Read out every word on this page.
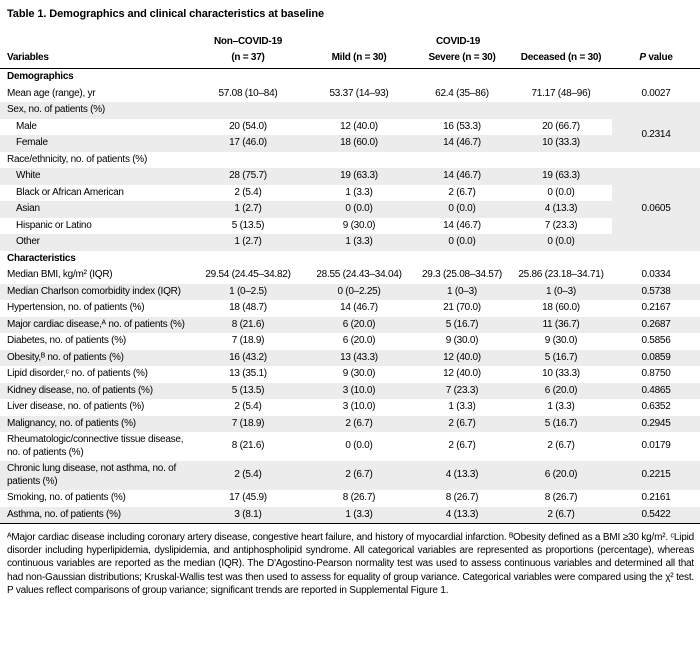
Table 1. Demographics and clinical characteristics at baseline
	Non–COVID-19	COVID-19			
Variables	(n = 37)	Mild (n = 30)	Severe (n = 30)	Deceased (n = 30)	P value
Demographics					
Mean age (range), yr	57.08 (10–84)	53.37 (14–93)	62.4 (35–86)	71.17 (48–96)	0.0027
Sex, no. of patients (%)					
Male	20 (54.0)	12 (40.0)	16 (53.3)	20 (66.7)	0.2314
Female	17 (46.0)	18 (60.0)	14 (46.7)	10 (33.3)	
Race/ethnicity, no. of patients (%)					
White	28 (75.7)	19 (63.3)	14 (46.7)	19 (63.3)	0.0605
Black or African American	2 (5.4)	1 (3.3)	2 (6.7)	0 (0.0)	
Asian	1 (2.7)	0 (0.0)	0 (0.0)	4 (13.3)	
Hispanic or Latino	5 (13.5)	9 (30.0)	14 (46.7)	7 (23.3)	
Other	1 (2.7)	1 (3.3)	0 (0.0)	0 (0.0)	
Characteristics					
Median BMI, kg/m² (IQR)	29.54 (24.45–34.82)	28.55 (24.43–34.04)	29.3 (25.08–34.57)	25.86 (23.18–34.71)	0.0334
Median Charlson comorbidity index (IQR)	1 (0–2.5)	0 (0–2.25)	1 (0–3)	1 (0–3)	0.5738
Hypertension, no. of patients (%)	18 (48.7)	14 (46.7)	21 (70.0)	18 (60.0)	0.2167
Major cardiac disease,ᴬ no. of patients (%)	8 (21.6)	6 (20.0)	5 (16.7)	11 (36.7)	0.2687
Diabetes, no. of patients (%)	7 (18.9)	6 (20.0)	9 (30.0)	9 (30.0)	0.5856
Obesity,ᴮ no. of patients (%)	16 (43.2)	13 (43.3)	12 (40.0)	5 (16.7)	0.0859
Lipid disorder,ᶜ no. of patients (%)	13 (35.1)	9 (30.0)	12 (40.0)	10 (33.3)	0.8750
Kidney disease, no. of patients (%)	5 (13.5)	3 (10.0)	7 (23.3)	6 (20.0)	0.4865
Liver disease, no. of patients (%)	2 (5.4)	3 (10.0)	1 (3.3)	1 (3.3)	0.6352
Malignancy, no. of patients (%)	7 (18.9)	2 (6.7)	2 (6.7)	5 (16.7)	0.2945
Rheumatologic/connective tissue disease, no. of patients (%)	8 (21.6)	0 (0.0)	2 (6.7)	2 (6.7)	0.0179
Chronic lung disease, not asthma, no. of patients (%)	2 (5.4)	2 (6.7)	4 (13.3)	6 (20.0)	0.2215
Smoking, no. of patients (%)	17 (45.9)	8 (26.7)	8 (26.7)	8 (26.7)	0.2161
Asthma, no. of patients (%)	3 (8.1)	1 (3.3)	4 (13.3)	2 (6.7)	0.5422

ᴬMajor cardiac disease including coronary artery disease, congestive heart failure, and history of myocardial infarction. ᴮObesity defined as a BMI ≥30 kg/m². ᶜLipid disorder including hyperlipidemia, dyslipidemia, and antiphospholipid syndrome. All categorical variables are represented as proportions (percentage), whereas continuous variables are reported as the median (IQR). The D'Agostino-Pearson normality test was used to assess continuous variables and determined all that had non-Gaussian distributions; Kruskal-Wallis test was then used to assess for equality of group variance. Categorical variables were compared using the χ² test. P values reflect comparisons of group variance; significant trends are reported in Supplemental Figure 1.
